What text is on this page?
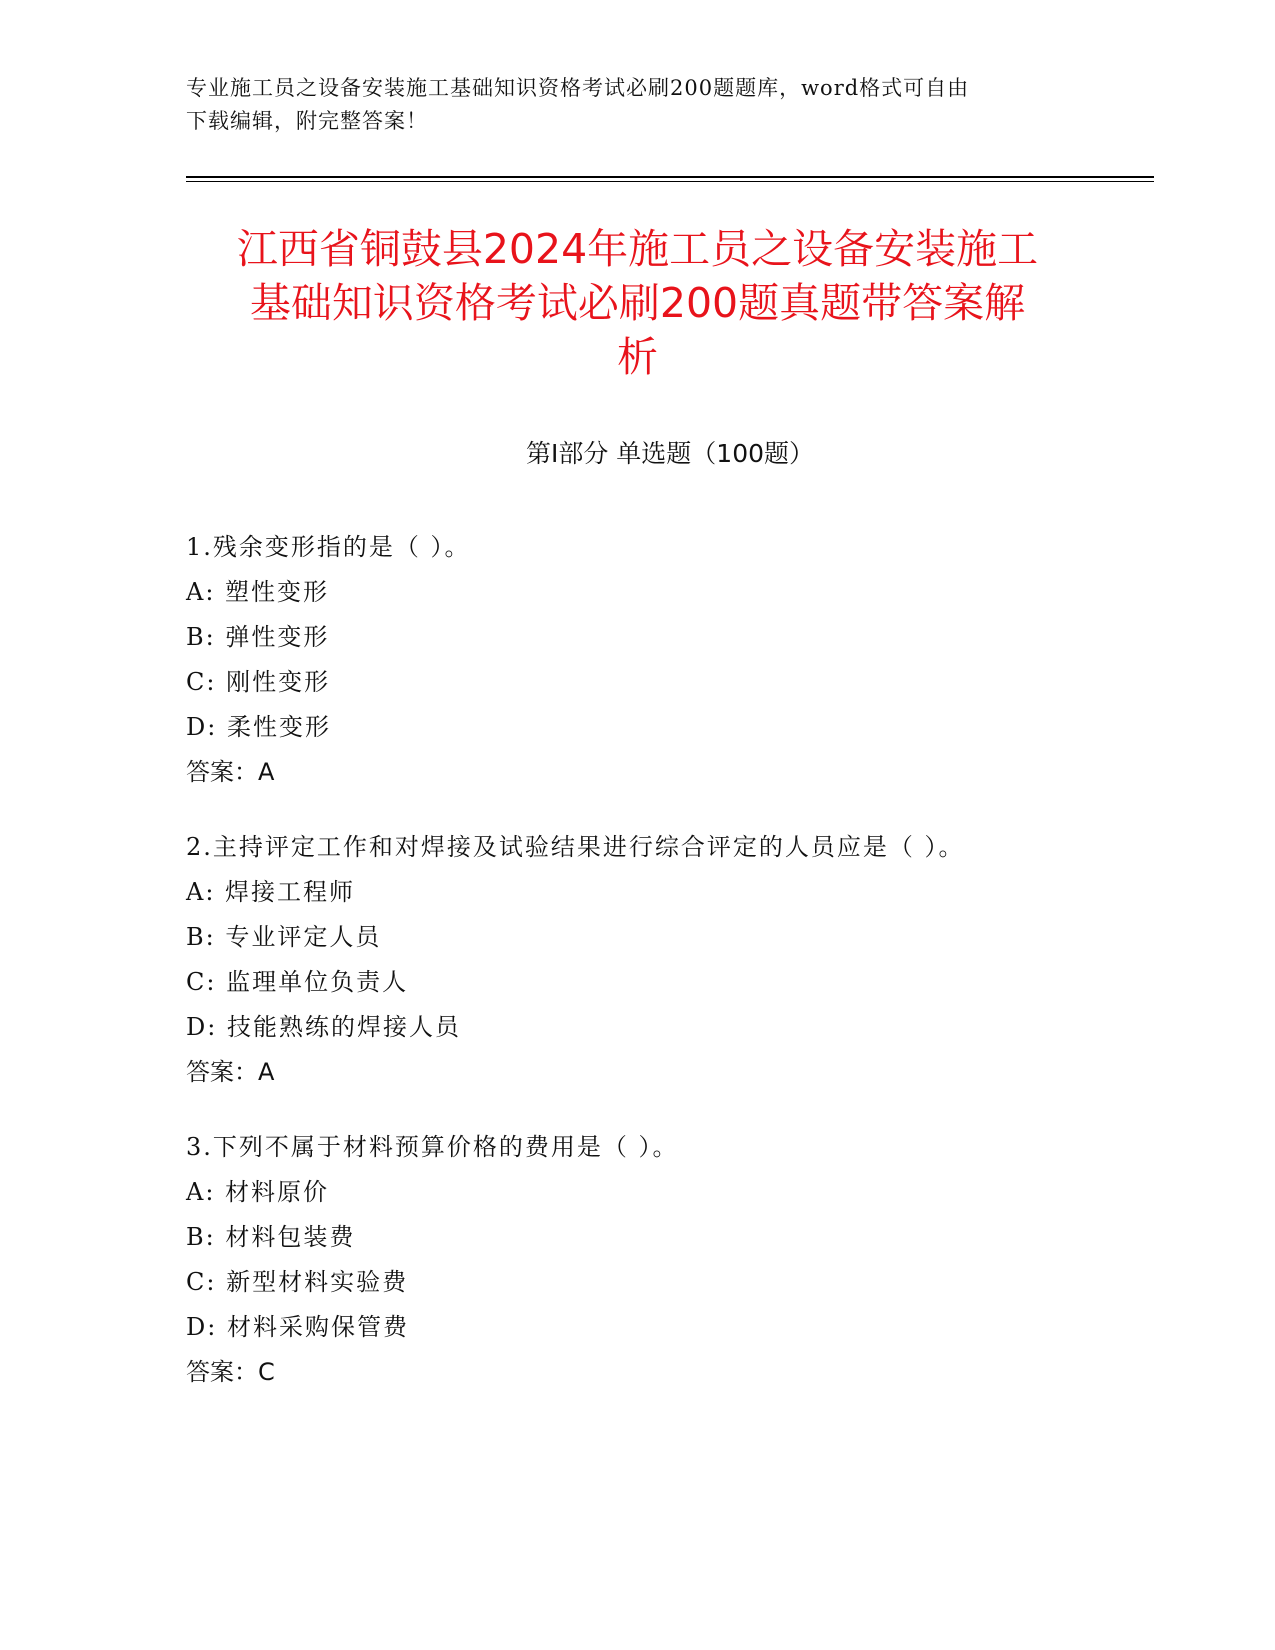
专业施工员之设备安装施工基础知识资格考试必刷200题题库，word格式可自由
下载编辑，附完整答案！
江西省铜鼓县2024年施工员之设备安装施工
基础知识资格考试必刷200题真题带答案解
析
第Ⅰ部分 单选题（100题）
1.残余变形指的是（ ）。
A: 塑性变形
B: 弹性变形
C: 刚性变形
D: 柔性变形
答案：A
2.主持评定工作和对焊接及试验结果进行综合评定的人员应是（ ）。
A: 焊接工程师
B: 专业评定人员
C: 监理单位负责人
D: 技能熟练的焊接人员
答案：A
3.下列不属于材料预算价格的费用是（ ）。
A: 材料原价
B: 材料包装费
C: 新型材料实验费
D: 材料采购保管费
答案：C
